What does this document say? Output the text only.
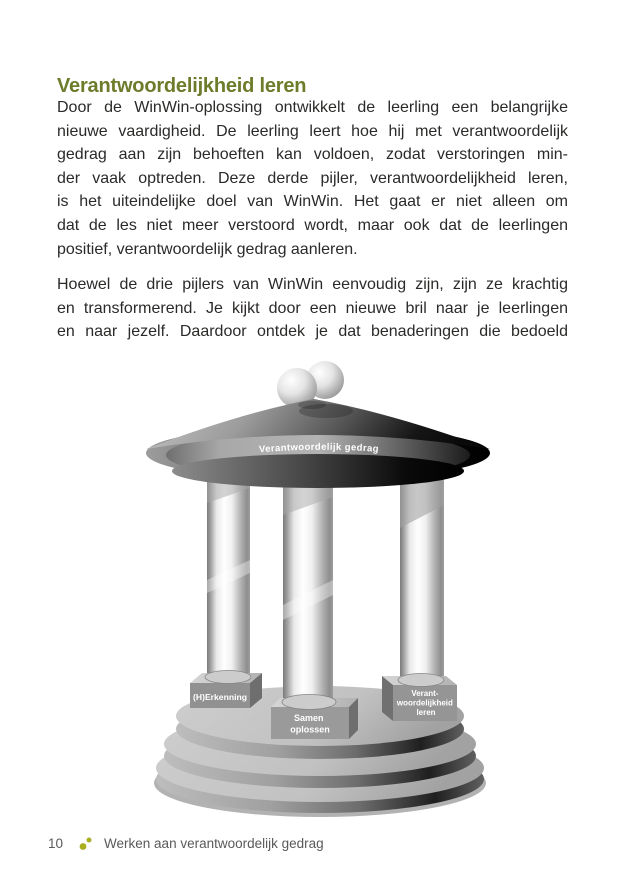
Verantwoordelijkheid leren

Door de WinWin-oplossing ontwikkelt de leerling een belangrijke
nieuwe vaardigheid. De leerling leert hoe hij met verantwoordelijk
gedrag aan zijn behoeften kan voldoen, zodat verstoringen min-
der vaak optreden. Deze derde pijler, verantwoordelijkheid leren,
is het uiteindelijke doel van WinWin. Het gaat er niet alleen om
dat de les niet meer verstoord wordt, maar ook dat de leerlingen
positief, verantwoordelijk gedrag aanleren.

Hoewel de drie pijlers van WinWin eenvoudig zijn, zijn ze krachtig
en transformerend. Je kijkt door een nieuwe bril naar je leerlingen
en naar jezelf. Daardoor ontdek je dat benaderingen die bedoeld

(H)Erkenning
Samen oplossen
Verant- woordelijkheid leren
Verantwoordelijk gedrag
10	Werken aan verantwoordelijk gedrag
